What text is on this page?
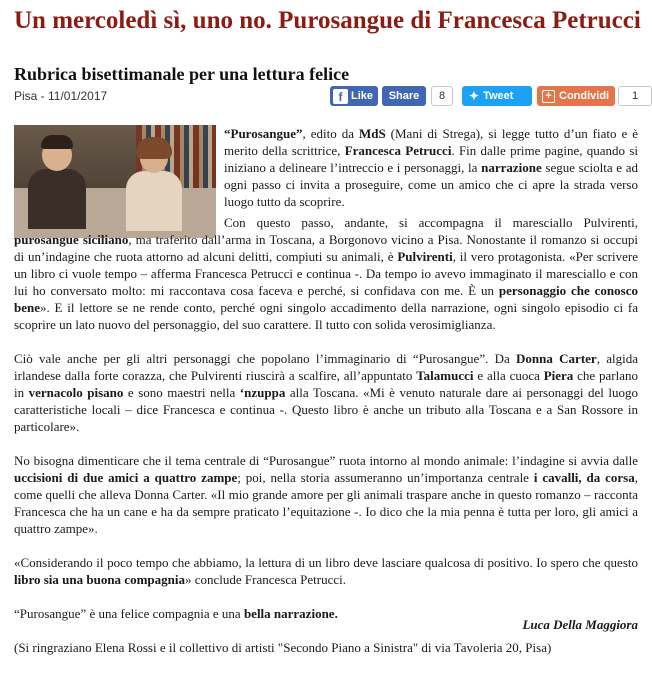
Un mercoledì sì, uno no. Purosangue di Francesca Petrucci
Rubrica bisettimanale per una lettura felice
Pisa - 11/01/2017	f Like Share	8	✦ Tweet	+ Condividi	1

“Purosangue”, edito da MdS (Mani di Strega), si legge tutto d’un fiato e è merito della scrittrice, Francesca Petrucci. Fin dalle prime pagine, quando si iniziano a delineare l’intreccio e i personaggi, la narrazione segue sciolta e ad ogni passo ci invita a proseguire, come un amico che ci apre la strada verso luogo tutto da scoprire.

Con questo passo, andante, si accompagna il maresciallo Pulvirenti, purosangue siciliano, ma traferito dall’arma in Toscana, a Borgonovo vicino a Pisa. Nonostante il romanzo si occupi di un’indagine che ruota attorno ad alcuni delitti, compiuti su animali, è Pulvirenti, il vero protagonista. «Per scrivere un libro ci vuole tempo – afferma Francesca Petrucci e continua -. Da tempo io avevo immaginato il maresciallo e con lui ho conversato molto: mi raccontava cosa faceva e perché, si confidava con me. È un personaggio che conosco bene». E il lettore se ne rende conto, perché ogni singolo accadimento della narrazione, ogni singolo episodio ci fa scoprire un lato nuovo del personaggio, del suo carattere. Il tutto con solida verosimiglianza.

Ciò vale anche per gli altri personaggi che popolano l’immaginario di “Purosangue”. Da Donna Carter, algida irlandese dalla forte corazza, che Pulvirenti riuscirà a scalfire, all’appuntato Talamucci e alla cuoca Piera che parlano in vernacolo pisano e sono maestri nella ‘nzuppa alla Toscana. «Mi è venuto naturale dare ai personaggi del luogo caratteristiche locali – dice Francesca e continua -. Questo libro è anche un tributo alla Toscana e a San Rossore in particolare».

No bisogna dimenticare che il tema centrale di “Purosangue” ruota intorno al mondo animale: l’indagine si avvia dalle uccisioni di due amici a quattro zampe; poi, nella storia assumeranno un’importanza centrale i cavalli, da corsa, come quelli che alleva Donna Carter. «Il mio grande amore per gli animali traspare anche in questo romanzo – racconta Francesca che ha un cane e ha da sempre praticato l’equitazione -. Io dico che la mia penna è tutta per loro, gli amici a quattro zampe».

«Considerando il poco tempo che abbiamo, la lettura di un libro deve lasciare qualcosa di positivo. Io spero che questo libro sia una buona compagnia» conclude Francesca Petrucci.

“Purosangue” è una felice compagnia e una bella narrazione.

(Si ringraziano Elena Rossi e il collettivo di artisti "Secondo Piano a Sinistra" di via Tavoleria 20, Pisa)

Luca Della Maggiora
